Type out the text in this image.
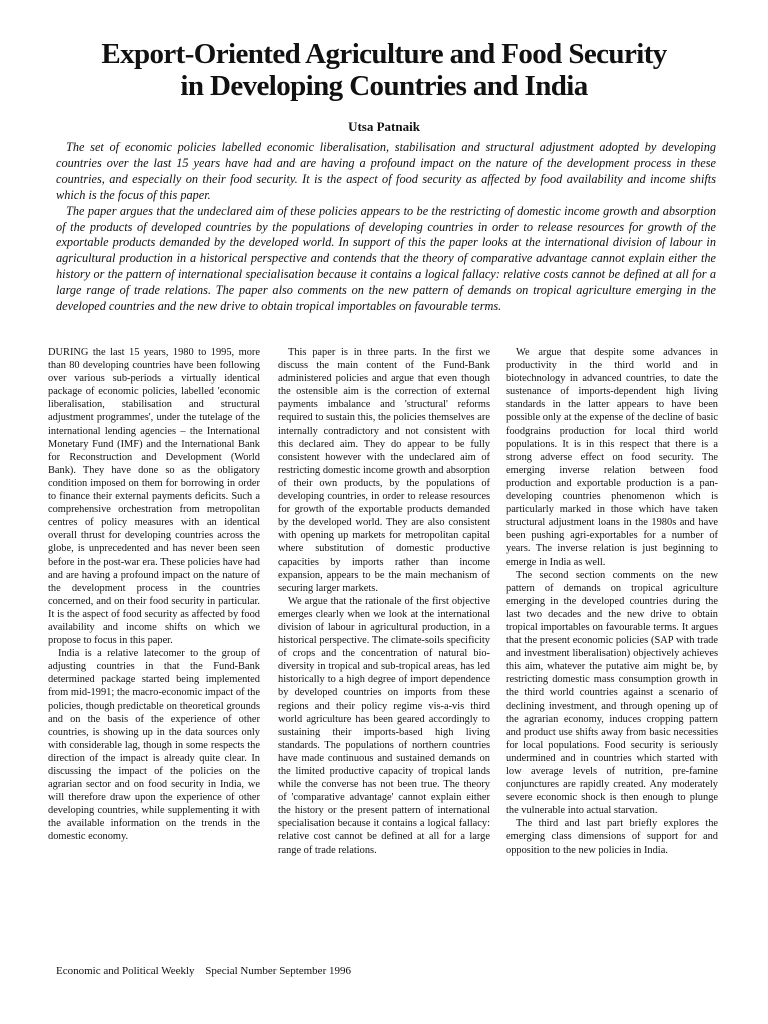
Export-Oriented Agriculture and Food Security
in Developing Countries and India

Utsa Patnaik

The set of economic policies labelled economic liberalisation, stabilisation and structural adjustment adopted by developing countries over the last 15 years have had and are having a profound impact on the nature of the development process in these countries, and especially on their food security. It is the aspect of food security as affected by food availability and income shifts which is the focus of this paper.

The paper argues that the undeclared aim of these policies appears to be the restricting of domestic income growth and absorption of the products of developed countries by the populations of developing countries in order to release resources for growth of the exportable products demanded by the developed world. In support of this the paper looks at the international division of labour in agricultural production in a historical perspective and contends that the theory of comparative advantage cannot explain either the history or the pattern of international specialisation because it contains a logical fallacy: relative costs cannot be defined at all for a large range of trade relations. The paper also comments on the new pattern of demands on tropical agriculture emerging in the developed countries and the new drive to obtain tropical importables on favourable terms.

DURING the last 15 years, 1980 to 1995, more than 80 developing countries have been following over various sub-periods a virtually identical package of economic policies, labelled 'economic liberalisation, stabilisation and structural adjustment programmes', under the tutelage of the international lending agencies – the International Monetary Fund (IMF) and the International Bank for Reconstruction and Development (World Bank). They have done so as the obligatory condition imposed on them for borrowing in order to finance their external payments deficits. Such a comprehensive orchestration from metropolitan centres of policy measures with an identical overall thrust for developing countries across the globe, is unprecedented and has never been seen before in the post-war era. These policies have had and are having a profound impact on the nature of the development process in the countries concerned, and on their food security in particular. It is the aspect of food security as affected by food availability and income shifts on which we propose to focus in this paper.

India is a relative latecomer to the group of adjusting countries in that the Fund-Bank determined package started being implemented from mid-1991; the macro-economic impact of the policies, though predictable on theoretical grounds and on the basis of the experience of other countries, is showing up in the data sources only with considerable lag, though in some respects the direction of the impact is already quite clear. In discussing the impact of the policies on the agrarian sector and on food security in India, we will therefore draw upon the experience of other developing countries, while supplementing it with the available information on the trends in the domestic economy.

This paper is in three parts. In the first we discuss the main content of the Fund-Bank administered policies and argue that even though the ostensible aim is the correction of external payments imbalance and 'structural' reforms required to sustain this, the policies themselves are internally contradictory and not consistent with this declared aim. They do appear to be fully consistent however with the undeclared aim of restricting domestic income growth and absorption of their own products, by the populations of developing countries, in order to release resources for growth of the exportable products demanded by the developed world. They are also consistent with opening up markets for metropolitan capital where substitution of domestic productive capacities by imports rather than income expansion, appears to be the main mechanism of securing larger markets.

We argue that the rationale of the first objective emerges clearly when we look at the international division of labour in agricultural production, in a historical perspective. The climate-soils specificity of crops and the concentration of natural bio-diversity in tropical and sub-tropical areas, has led historically to a high degree of import dependence by developed countries on imports from these regions and their policy regime vis-a-vis third world agriculture has been geared accordingly to sustaining their imports-based high living standards. The populations of northern countries have made continuous and sustained demands on the limited productive capacity of tropical lands while the converse has not been true. The theory of 'comparative advantage' cannot explain either the history or the present pattern of international specialisation because it contains a logical fallacy: relative cost cannot be defined at all for a large range of trade relations.

We argue that despite some advances in productivity in the third world and in biotechnology in advanced countries, to date the sustenance of imports-dependent high living standards in the latter appears to have been possible only at the expense of the decline of basic foodgrains production for local third world populations. It is in this respect that there is a strong adverse effect on food security. The emerging inverse relation between food production and exportable production is a pan-developing countries phenomenon which is particularly marked in those which have taken structural adjustment loans in the 1980s and have been pushing agri-exportables for a number of years. The inverse relation is just beginning to emerge in India as well.

The second section comments on the new pattern of demands on tropical agriculture emerging in the developed countries during the last two decades and the new drive to obtain tropical importables on favourable terms. It argues that the present economic policies (SAP with trade and investment liberalisation) objectively achieves this aim, whatever the putative aim might be, by restricting domestic mass consumption growth in the third world countries against a scenario of declining investment, and through opening up of the agrarian economy, induces cropping pattern and product use shifts away from basic necessities for local populations. Food security is seriously undermined and in countries which started with low average levels of nutrition, pre-famine conjunctures are rapidly created. Any moderately severe economic shock is then enough to plunge the vulnerable into actual starvation.

The third and last part briefly explores the emerging class dimensions of support for and opposition to the new policies in India.

Economic and Political Weekly Special Number September 1996
